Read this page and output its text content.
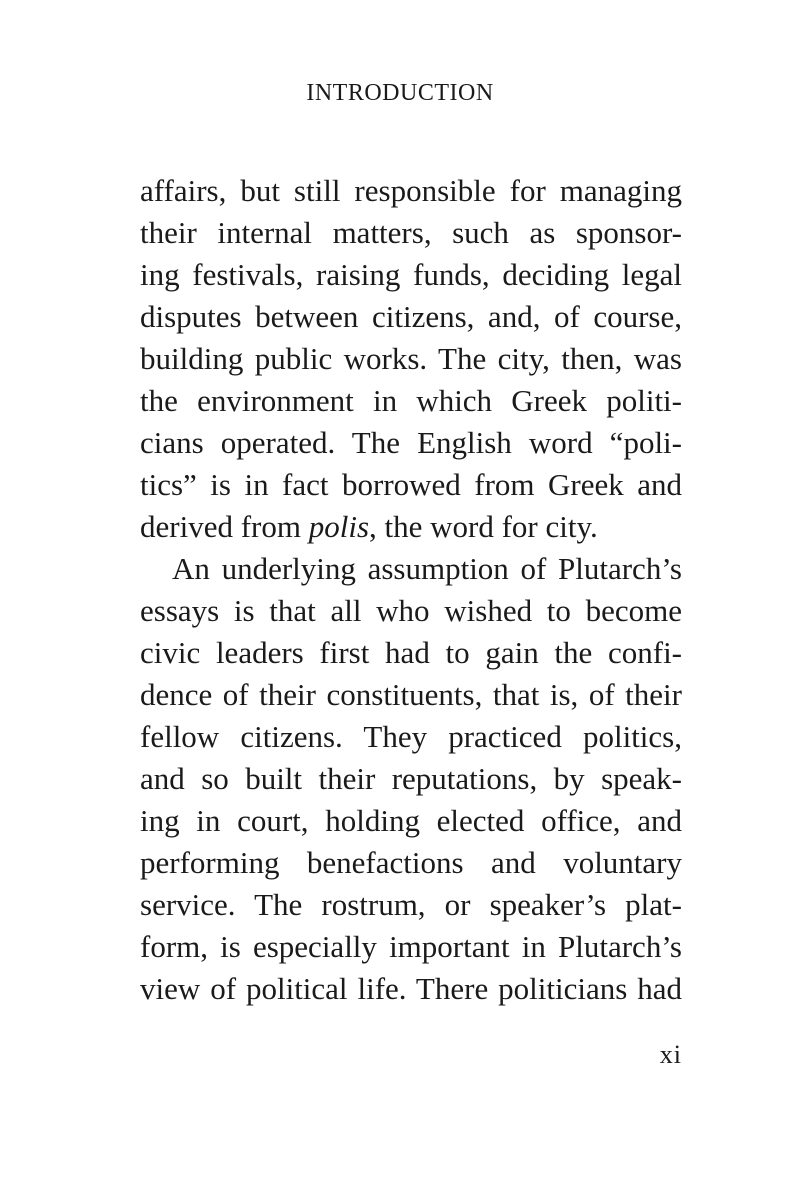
INTRODUCTION
affairs, but still responsible for managing
their internal matters, such as sponsor-
ing festivals, raising funds, deciding legal
disputes between citizens, and, of course,
building public works. The city, then, was
the environment in which Greek politi-
cians operated. The English word “poli-
tics” is in fact borrowed from Greek and
derived from polis, the word for city.
An underlying assumption of Plutarch’s
essays is that all who wished to become
civic leaders first had to gain the confi-
dence of their constituents, that is, of their
fellow citizens. They practiced politics,
and so built their reputations, by speak-
ing in court, holding elected office, and
performing benefactions and voluntary
service. The rostrum, or speaker’s plat-
form, is especially important in Plutarch’s
view of political life. There politicians had
xi
